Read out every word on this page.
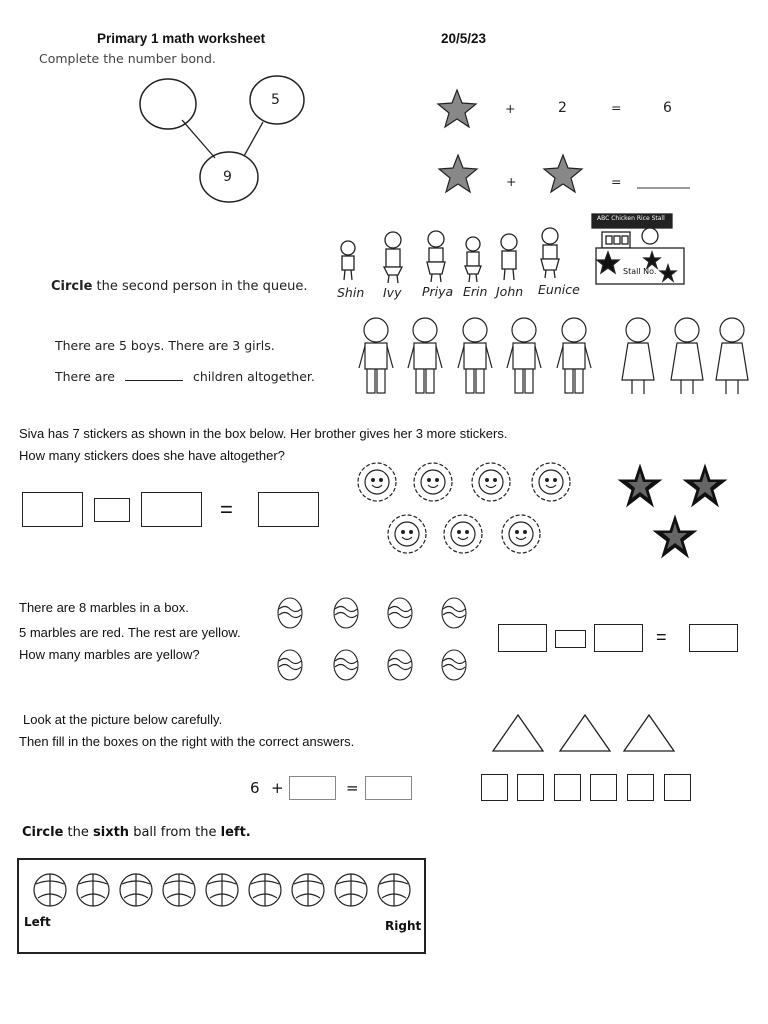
Primary 1 math worksheet	20/5/23
Complete the number bond.
5
9
+	2	=	6
+	=
Circle the second person in the queue. Shin Ivy Priya Erin John Eunice
ABC Chicken Rice Stall
Stall No.
There are 5 boys. There are 3 girls.
There are	children altogether.
Siva has 7 stickers as shown in the box below. Her brother gives her 3 more stickers.
How many stickers does she have altogether?
=
There are 8 marbles in a box.
5 marbles are red. The rest are yellow.
How many marbles are yellow?
=
Look at the picture below carefully.
Then fill in the boxes on the right with the correct answers.
6 +	=
Circle the sixth ball from the left.
Left	Right
